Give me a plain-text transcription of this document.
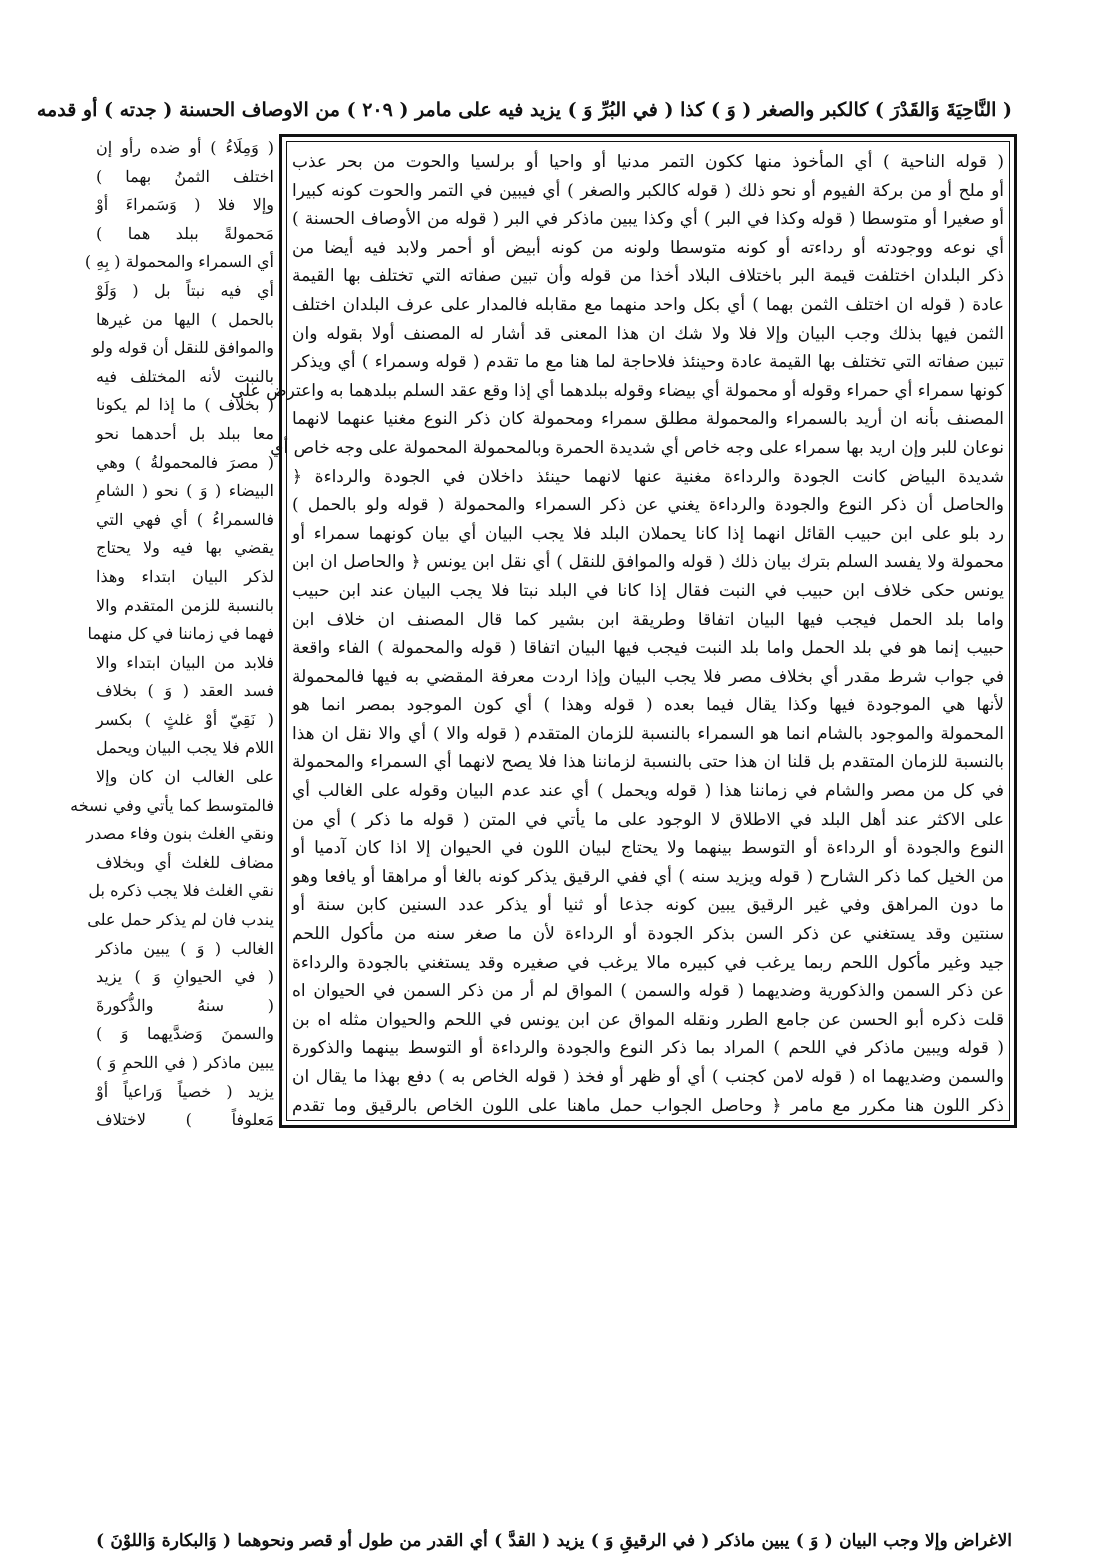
( النَّاحِيَةَ وَالقَدْرَ ) كالكبر والصغر ( وَ ) كذا ( في البُرِّ وَ ) يزيد فيه على مامر ( ٢٠٩ ) من الاوصاف الحسنة ( جدته ) أو قدمه
( قوله الناحية ) أي المأخوذ منها ككون التمر مدنيا أو واحيا أو برلسيا والحوت من بحر عذب
أو ملح أو من بركة الفيوم أو نحو ذلك ( قوله كالكبر والصغر ) أي فيبين في التمر والحوت كونه كبيرا
أو صغيرا أو متوسطا ( قوله وكذا في البر ) أي وكذا يبين ماذكر في البر ( قوله من الأوصاف الحسنة )
أي نوعه ووجودته أو رداءته أو كونه متوسطا ولونه من كونه أبيض أو أحمر ولابد فيه أيضا من
ذكر البلدان اختلفت قيمة البر باختلاف البلاد أخذا من قوله وأن تبين صفاته التي تختلف بها القيمة
عادة ( قوله ان اختلف الثمن بهما ) أي بكل واحد منهما مع مقابله فالمدار على عرف البلدان اختلف
الثمن فيها بذلك وجب البيان وإلا فلا ولا شك ان هذا المعنى قد أشار له المصنف أولا بقوله وان
تبين صفاته التي تختلف بها القيمة عادة وحينئذ فلاحاجة لما هنا مع ما تقدم ( قوله وسمراء ) أي ويذكر
كونها سمراء أي حمراء وقوله أو محمولة أي بيضاء وقوله ببلدهما أي إذا وقع عقد السلم ببلدهما به واعترض على
المصنف بأنه ان أريد بالسمراء والمحمولة مطلق سمراء ومحمولة كان ذكر النوع مغنيا عنهما لانهما
نوعان للبر وإن اريد بها سمراء على وجه خاص أي شديدة الحمرة وبالمحمولة المحمولة على وجه خاص أي
شديدة البياض كانت الجودة والرداءة مغنية عنها لانهما حينئذ داخلان في الجودة والرداءة ﴿
والحاصل أن ذكر النوع والجودة والرداءة يغني عن ذكر السمراء والمحمولة ( قوله ولو بالحمل )
رد بلو على ابن حبيب القائل انهما إذا كانا يحملان البلد فلا يجب البيان أي بيان كونهما سمراء أو
محمولة ولا يفسد السلم بترك بيان ذلك ( قوله والموافق للنقل ) أي نقل ابن يونس ﴿ والحاصل ان ابن
يونس حكى خلاف ابن حبيب في النبت فقال إذا كانا في البلد نبتا فلا يجب البيان عند ابن حبيب
واما بلد الحمل فيجب فيها البيان اتفاقا وطريقة ابن بشير كما قال المصنف ان خلاف ابن
حبيب إنما هو في بلد الحمل واما بلد النبت فيجب فيها البيان اتفاقا ( قوله والمحمولة ) الفاء واقعة
في جواب شرط مقدر أي بخلاف مصر فلا يجب البيان وإذا اردت معرفة المقضي به فيها فالمحمولة
لأنها هي الموجودة فيها وكذا يقال فيما بعده ( قوله وهذا ) أي كون الموجود بمصر انما هو
المحمولة والموجود بالشام انما هو السمراء بالنسبة للزمان المتقدم ( قوله والا ) أي والا نقل ان هذا
بالنسبة للزمان المتقدم بل قلنا ان هذا حتى بالنسبة لزماننا هذا فلا يصح لانهما أي السمراء والمحمولة
في كل من مصر والشام في زماننا هذا ( قوله ويحمل ) أي عند عدم البيان وقوله على الغالب أي
على الاكثر عند أهل البلد في الاطلاق لا الوجود على ما يأتي في المتن ( قوله ما ذكر ) أي من
النوع والجودة أو الرداءة أو التوسط بينهما ولا يحتاج لبيان اللون في الحيوان إلا اذا كان آدميا أو
من الخيل كما ذكر الشارح ( قوله ويزيد سنه ) أي ففي الرقيق يذكر كونه بالغا أو مراهقا أو يافعا وهو
ما دون المراهق وفي غير الرقيق يبين كونه جذعا أو ثنيا أو يذكر عدد السنين كابن سنة أو
سنتين وقد يستغني عن ذكر السن بذكر الجودة أو الرداءة لأن ما صغر سنه من مأكول اللحم
جيد وغير مأكول اللحم ربما يرغب في كبيره مالا يرغب في صغيره وقد يستغني بالجودة والرداءة
عن ذكر السمن والذكورية وضديهما ( قوله والسمن ) المواق لم أر من ذكر السمن في الحيوان اه
قلت ذكره أبو الحسن عن جامع الطرر ونقله المواق عن ابن يونس في اللحم والحيوان مثله اه بن
( قوله ويبين ماذكر في اللحم ) المراد بما ذكر النوع والجودة والرداءة أو التوسط بينهما والذكورة
والسمن وضديهما اه ( قوله لامن كجنب ) أي أو ظهر أو فخذ ( قوله الخاص به ) دفع بهذا ما يقال ان
ذكر اللون هنا مكرر مع مامر ﴿ وحاصل الجواب حمل ماهنا على اللون الخاص بالرقيق وما تقدم
( وَمِلَاءُ ) أو ضده رأو إن
اختلف الثمنُ بهما )
وإلا فلا ( وَسَمراءَ أوْ
مَحمولةً ببلد هما )
أي السمراء والمحمولة ( بِهِ )
أي فيه نبتاً بل ( وَلَوْ
بالحمل ) اليها من غيرها
والموافق للنقل أن قوله ولو
بالنبت لأنه المختلف فيه
( بخلاف ) ما إذا لم يكونا
معا ببلد بل أحدهما نحو
( مصرَ فالمحمولةُ ) وهي
البيضاء ( وَ ) نحو ( الشامِ
فالسمراءُ ) أي فهي التي
يقضي بها فيه ولا يحتاج
لذكر البيان ابتداء وهذا
بالنسبة للزمن المتقدم والا
فهما في زماننا في كل منهما
فلابد من البيان ابتداء والا
فسد العقد ( وَ ) بخلاف
( نَقِيّ أوْ غلثٍ ) بكسر
اللام فلا يجب البيان ويحمل
على الغالب ان كان وإلا
فالمتوسط كما يأتي وفي نسخه
ونقي الغلث بنون وفاء مصدر
مضاف للغلث أي وبخلاف
نقي الغلث فلا يجب ذكره بل
يندب فان لم يذكر حمل على
الغالب ( وَ ) يبين ماذكر
( في الحيوانِ وَ ) يزيد
( سنهُ والذُّكورةَ
والسمنَ وَضدَّيهما وَ )
يبين ماذكر ( في اللحمِ وَ )
يزيد ( خصياً وَراعياً أوْ
مَعلوفاً ) لاختلاف
الاغراض وإلا وجب البيان ( وَ ) يبين ماذكر ( في الرقيقِ وَ ) يزيد ( القدَّ ) أي القدر من طول أو قصر ونحوهما ( وَالبكارة وَاللوْنَ )
